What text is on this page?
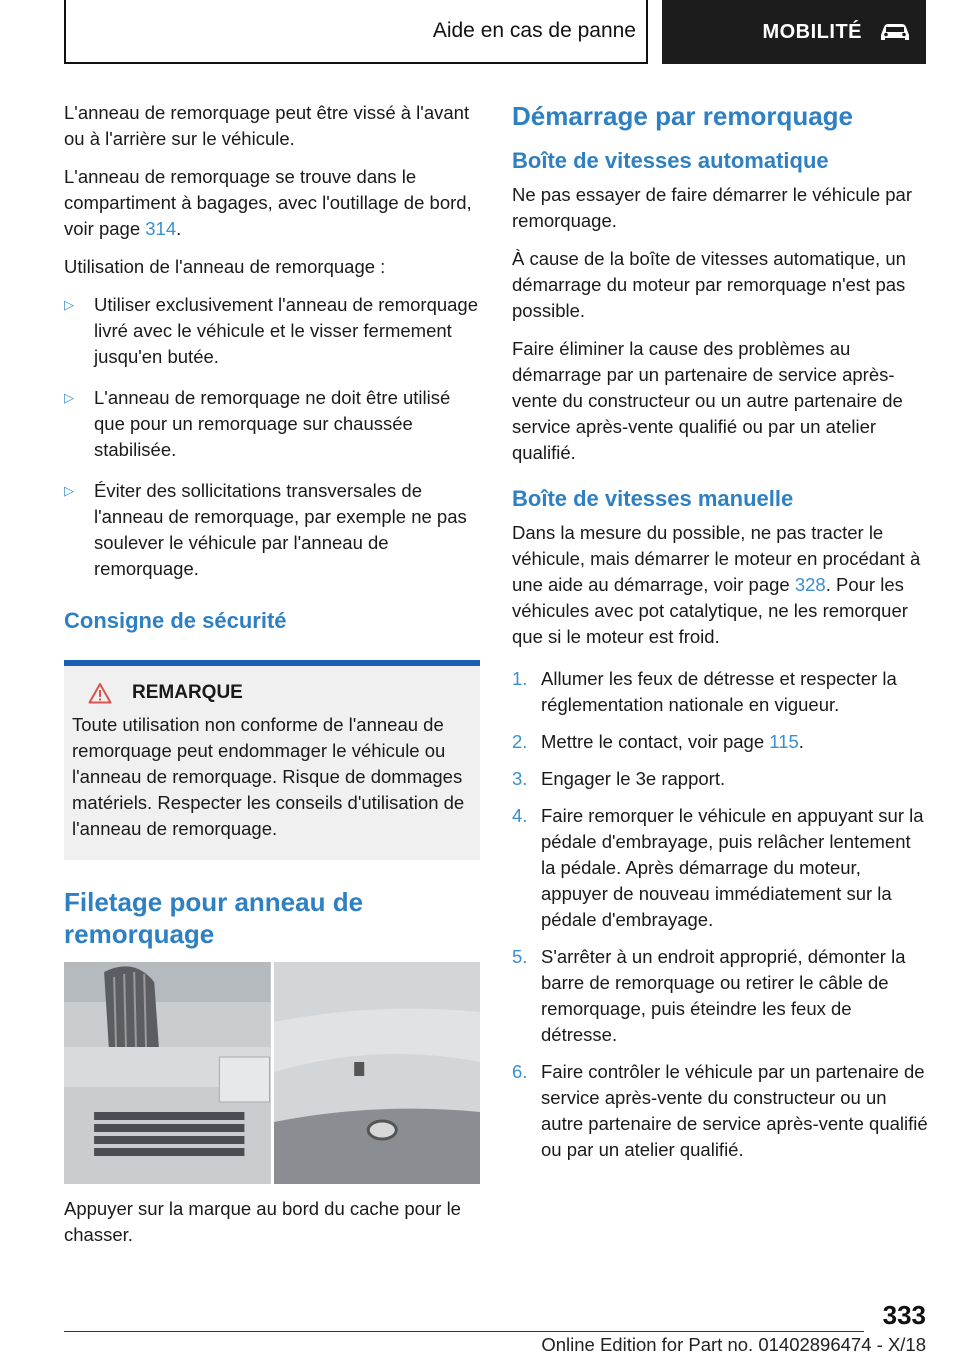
Aide en cas de panne	MOBILITÉ

L'anneau de remorquage peut être vissé à l'avant ou à l'arrière sur le véhicule.

L'anneau de remorquage se trouve dans le compartiment à bagages, avec l'outillage de bord, voir page 314.

Utilisation de l'anneau de remorquage :

▷ Utiliser exclusivement l'anneau de remorquage livré avec le véhicule et le visser fermement jusqu'en butée.
▷ L'anneau de remorquage ne doit être utilisé que pour un remorquage sur chaussée stabilisée.
▷ Éviter des sollicitations transversales de l'anneau de remorquage, par exemple ne pas soulever le véhicule par l'anneau de remorquage.
Consigne de sécurité
REMARQUE

Toute utilisation non conforme de l'anneau de remorquage peut endommager le véhicule ou l'anneau de remorquage. Risque de dommages matériels. Respecter les conseils d'utilisation de l'anneau de remorquage.

Filetage pour anneau de remorquage

Appuyer sur la marque au bord du cache pour le chasser.

Démarrage par remorquage
Boîte de vitesses automatique

Ne pas essayer de faire démarrer le véhicule par remorquage.

À cause de la boîte de vitesses automatique, un démarrage du moteur par remorquage n'est pas possible.

Faire éliminer la cause des problèmes au démarrage par un partenaire de service après-vente du constructeur ou un autre partenaire de service après-vente qualifié ou par un atelier qualifié.

Boîte de vitesses manuelle

Dans la mesure du possible, ne pas tracter le véhicule, mais démarrer le moteur en procédant à une aide au démarrage, voir page 328. Pour les véhicules avec pot catalytique, ne les remorquer que si le moteur est froid.

1. Allumer les feux de détresse et respecter la réglementation nationale en vigueur.
2. Mettre le contact, voir page 115.
3. Engager le 3e rapport.
4. Faire remorquer le véhicule en appuyant sur la pédale d'embrayage, puis relâcher lentement la pédale. Après démarrage du moteur, appuyer de nouveau immédiatement sur la pédale d'embrayage.
5. S'arrêter à un endroit approprié, démonter la barre de remorquage ou retirer le câble de remorquage, puis éteindre les feux de détresse.
6. Faire contrôler le véhicule par un partenaire de service après-vente du constructeur ou un autre partenaire de service après-vente qualifié ou par un atelier qualifié.
333
Online Edition for Part no. 01402896474 - X/18
